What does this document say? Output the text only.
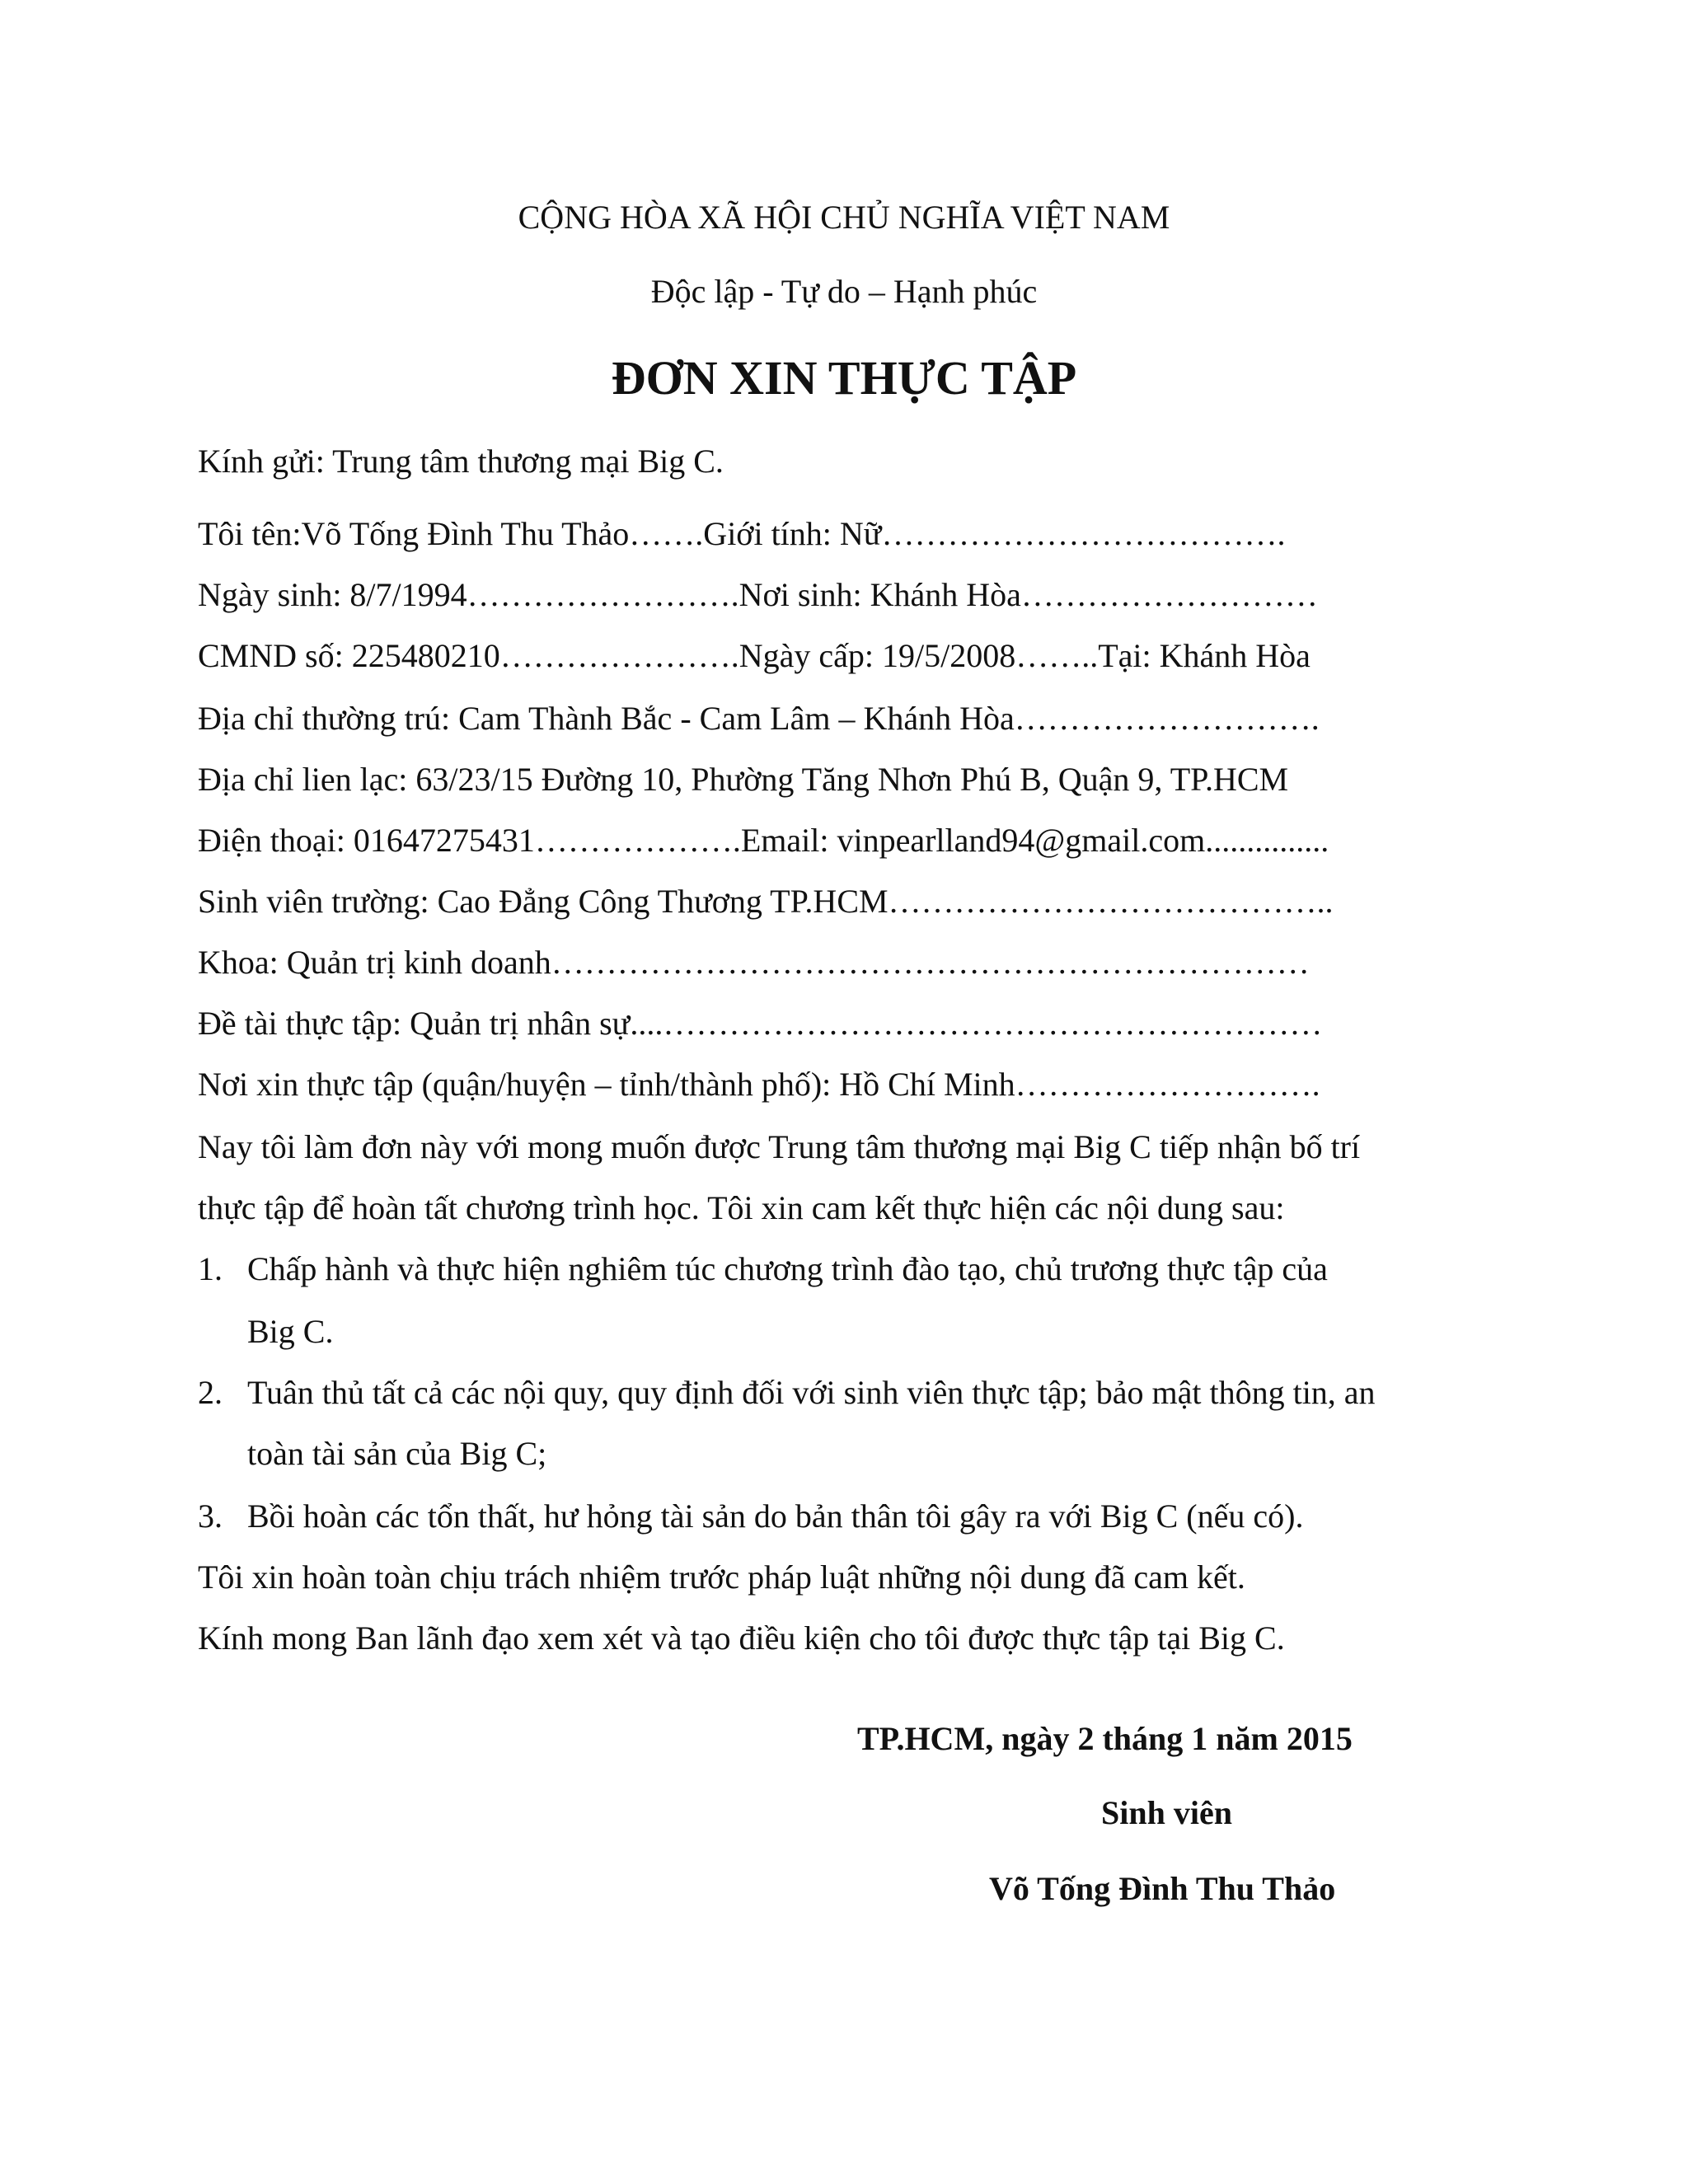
CỘNG HÒA XÃ HỘI CHỦ NGHĨA VIỆT NAM
Độc lập - Tự do – Hạnh phúc
ĐƠN XIN THỰC TẬP
Kính gửi: Trung tâm thương mại Big C.
Tôi tên:Võ Tống Đình Thu Thảo…….Giới tính: Nữ……………………………….
Ngày sinh: 8/7/1994…………………….Nơi sinh: Khánh Hòa………………………
CMND số: 225480210………………….Ngày cấp: 19/5/2008……..Tại: Khánh Hòa
Địa chỉ thường trú: Cam Thành Bắc - Cam Lâm – Khánh Hòa……………………….
Địa chỉ lien lạc: 63/23/15 Đường 10, Phường Tăng Nhơn Phú B, Quận 9, TP.HCM
Điện thoại: 01647275431……………….Email: vinpearlland94@gmail.com...............
Sinh viên trường: Cao Đẳng Công Thương TP.HCM…………………………………..
Khoa: Quản trị kinh doanh……………………………………………………………
Đề tài thực tập: Quản trị nhân sự....……………………………………………………
Nơi xin thực tập (quận/huyện – tỉnh/thành phố): Hồ Chí Minh……………………….
Nay tôi làm đơn này với mong muốn được Trung tâm thương mại Big C tiếp nhận bố trí
thực tập để hoàn tất chương trình học. Tôi xin cam kết thực hiện các nội dung sau:
1. Chấp hành và thực hiện nghiêm túc chương trình đào tạo, chủ trương thực tập của
Big C.
2. Tuân thủ tất cả các nội quy, quy định đối với sinh viên thực tập; bảo mật thông tin, an
toàn tài sản của Big C;
3. Bồi hoàn các tổn thất, hư hỏng tài sản do bản thân tôi gây ra với Big C (nếu có).
Tôi xin hoàn toàn chịu trách nhiệm trước pháp luật những nội dung đã cam kết.
Kính mong Ban lãnh đạo xem xét và tạo điều kiện cho tôi được thực tập tại Big C.
TP.HCM, ngày 2 tháng 1 năm 2015
Sinh viên
Võ Tống Đình Thu Thảo
